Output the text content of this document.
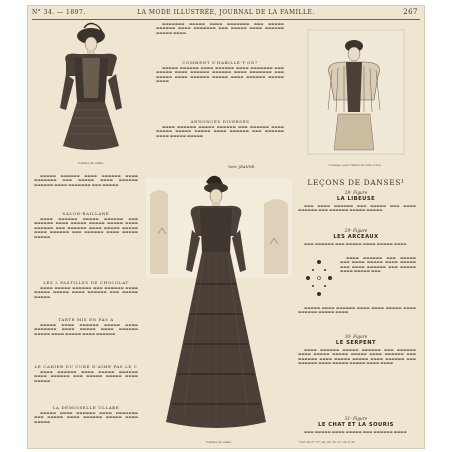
N° 34. — 1897.	LA MODE ILLUSTRÉE, JOURNAL DE LA FAMILLE.	267
Toilette de visite.

▬▬▬▬▬▬▬ ▬▬▬▬▬ ▬▬▬▬ ▬▬▬▬▬▬▬ ▬▬▬ ▬▬▬▬▬ ▬▬▬▬▬▬ ▬▬▬▬ ▬▬▬▬▬▬▬ ▬▬▬ ▬▬▬▬▬ ▬▬▬▬ ▬▬▬▬▬▬ ▬▬▬▬▬ ▬▬▬▬

COMMENT S'HABILLE-T-ON?

▬▬▬▬▬ ▬▬▬▬▬▬ ▬▬▬▬ ▬▬▬▬▬▬ ▬▬▬▬ ▬▬▬▬▬▬▬ ▬▬▬ ▬▬▬▬▬ ▬▬▬▬ ▬▬▬▬▬▬ ▬▬▬▬▬▬ ▬▬▬▬ ▬▬▬▬▬▬▬ ▬▬▬ ▬▬▬▬▬ ▬▬▬▬ ▬▬▬▬▬▬ ▬▬▬▬▬ ▬▬▬▬ ▬▬▬▬▬▬ ▬▬▬▬▬ ▬▬▬▬

ANNONCES DIVERSES

▬▬▬▬ ▬▬▬▬▬▬ ▬▬▬▬▬ ▬▬▬▬▬▬ ▬▬▬ ▬▬▬▬▬▬ ▬▬▬▬ ▬▬▬▬▬ ▬▬▬▬▬ ▬▬▬▬▬ ▬▬▬▬ ▬▬▬▬▬▬ ▬▬▬ ▬▬▬▬▬▬ ▬▬▬▬ ▬▬▬▬▬ ▬▬▬▬▬

Ystri. JEANNE.	Corsage pour visites de ville à dos.

▬▬▬▬▬ ▬▬▬▬▬▬ ▬▬▬▬ ▬▬▬▬▬▬ ▬▬▬▬ ▬▬▬▬▬▬▬ ▬▬▬ ▬▬▬▬▬ ▬▬▬▬ ▬▬▬▬▬▬ ▬▬▬▬▬▬ ▬▬▬▬ ▬▬▬▬▬▬▬ ▬▬▬ ▬▬▬▬▬

SALON-RAILLANE

▬▬▬▬ ▬▬▬▬▬▬ ▬▬▬▬▬ ▬▬▬▬▬▬ ▬▬▬ ▬▬▬▬▬▬ ▬▬▬▬ ▬▬▬▬▬ ▬▬▬▬▬ ▬▬▬▬▬ ▬▬▬▬ ▬▬▬▬▬▬ ▬▬▬ ▬▬▬▬▬▬ ▬▬▬▬ ▬▬▬▬▬ ▬▬▬▬▬ ▬▬▬▬ ▬▬▬▬▬▬ ▬▬▬ ▬▬▬▬▬▬ ▬▬▬▬ ▬▬▬▬▬ ▬▬▬▬▬

LES 2 PASTILLES DE CHOCOLAT

▬▬▬▬ ▬▬▬▬▬ ▬▬▬▬▬▬ ▬▬▬ ▬▬▬▬▬▬ ▬▬▬▬ ▬▬▬▬▬ ▬▬▬▬▬ ▬▬▬▬ ▬▬▬▬▬▬ ▬▬▬ ▬▬▬▬▬ ▬▬▬▬▬

TARTE MIS EN PAS A

▬▬▬▬▬ ▬▬▬▬ ▬▬▬▬▬▬ ▬▬▬▬▬ ▬▬▬▬ ▬▬▬▬▬▬▬ ▬▬▬▬ ▬▬▬▬▬ ▬▬▬▬ ▬▬▬▬▬▬ ▬▬▬▬▬ ▬▬▬▬ ▬▬▬▬▬ ▬▬▬▬ ▬▬▬▬▬▬

LE CAHIER DU CURÉ N'AIME PAS LE C

▬▬▬▬ ▬▬▬▬▬▬ ▬▬▬▬ ▬▬▬▬▬ ▬▬▬▬▬▬ ▬▬▬▬ ▬▬▬▬▬▬ ▬▬▬ ▬▬▬▬▬ ▬▬▬▬▬ ▬▬▬▬ ▬▬▬▬▬

LA DEMOISELLE ULLABE

▬▬▬▬▬ ▬▬▬▬ ▬▬▬▬▬▬ ▬▬▬▬ ▬▬▬▬▬▬▬ ▬▬▬ ▬▬▬▬▬ ▬▬▬▬ ▬▬▬▬▬▬ ▬▬▬▬▬ ▬▬▬▬ ▬▬▬▬▬

Toilette de visite.
LEÇONS DE DANSES¹
28ᵉ Figure
LA LIBEUSE

▬▬▬ ▬▬▬▬ ▬▬▬▬▬▬ ▬▬▬ ▬▬▬▬▬ ▬▬▬ ▬▬▬▬ ▬▬▬▬▬▬ ▬▬▬ ▬▬▬▬▬▬ ▬▬▬▬▬ ▬▬▬▬▬

29ᵉ Figure
LES ARCEAUX

▬▬▬ ▬▬▬▬▬▬ ▬▬▬ ▬▬▬▬▬ ▬▬▬▬ ▬▬▬▬▬ ▬▬▬▬

▬▬▬▬ ▬▬▬▬▬▬ ▬▬▬ ▬▬▬▬▬ ▬▬▬ ▬▬▬▬ ▬▬▬▬▬ ▬▬▬▬ ▬▬▬▬▬ ▬▬▬ ▬▬▬▬ ▬▬▬▬▬▬ ▬▬▬ ▬▬▬▬▬ ▬▬▬▬ ▬▬▬▬▬ ▬▬▬

▬▬▬▬▬ ▬▬▬▬ ▬▬▬▬▬▬ ▬▬▬▬ ▬▬▬▬ ▬▬▬▬▬ ▬▬▬▬ ▬▬▬▬▬▬ ▬▬▬▬▬ ▬▬▬▬

30ᵉ Figure
LE SERPENT

▬▬▬▬ ▬▬▬▬▬▬ ▬▬▬▬▬ ▬▬▬▬▬▬ ▬▬▬ ▬▬▬▬▬▬ ▬▬▬▬ ▬▬▬▬▬ ▬▬▬▬▬ ▬▬▬▬▬ ▬▬▬▬ ▬▬▬▬▬▬ ▬▬▬ ▬▬▬▬▬▬ ▬▬▬▬ ▬▬▬▬▬ ▬▬▬▬▬ ▬▬▬▬ ▬▬▬▬▬▬ ▬▬▬ ▬▬▬▬▬▬ ▬▬▬▬ ▬▬▬▬▬ ▬▬▬▬▬ ▬▬▬▬ ▬▬▬▬

31ᵉ Figure
LE CHAT ET LA SOURIS

▬▬▬ ▬▬▬▬▬ ▬▬▬▬ ▬▬▬▬▬ ▬▬▬ ▬▬▬▬▬▬ ▬▬▬▬

¹ Voir les nᵒˢ 27, 28, 29, 30, 31, 32 et 33.
